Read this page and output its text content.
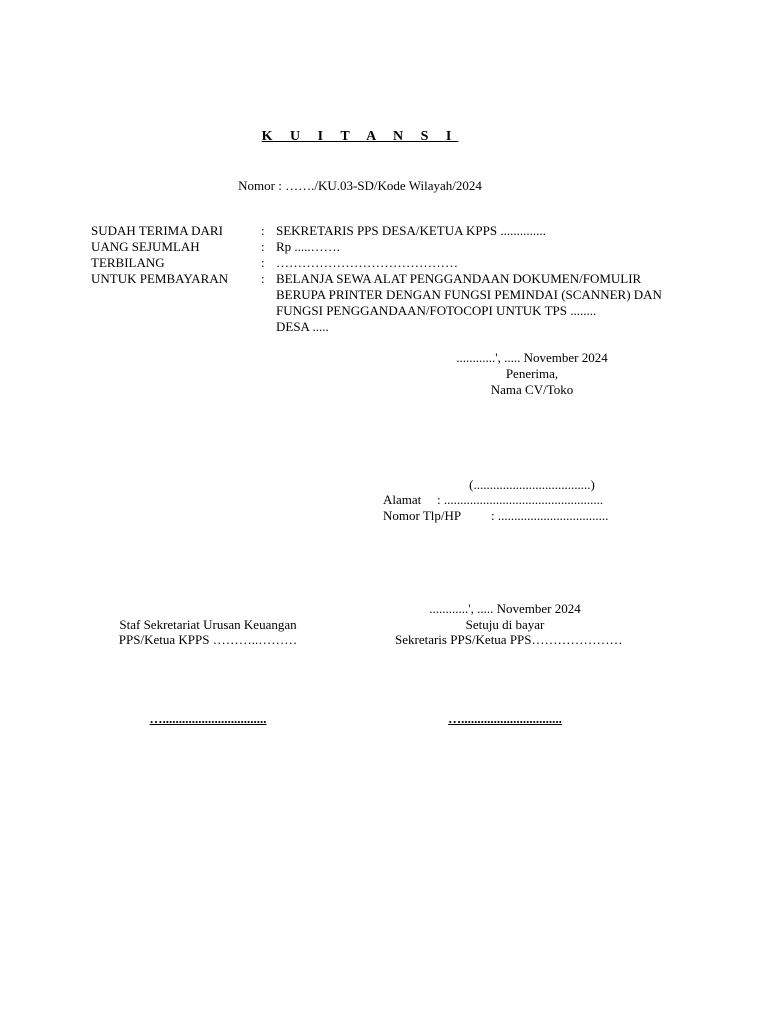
K U I T A N S I
Nomor : ……./KU.03-SD/Kode Wilayah/2024
SUDAH TERIMA DARI	: SEKRETARIS PPS DESA/KETUA KPPS ..............
UANG SEJUMLAH	: Rp .....…….
TERBILANG	: ……………………………………
UNTUK PEMBAYARAN	: BELANJA SEWA ALAT PENGGANDAAN DOKUMEN/FOMULIR
BERUPA PRINTER DENGAN FUNGSI PEMINDAI (SCANNER) DAN
FUNGSI PENGGANDAAN/FOTOCOPI UNTUK TPS ........
DESA .....
............', ..... November 2024
Penerima,
Nama CV/Toko
(....................................)
Alamat : .................................................
Nomor Tlp/HP : ..................................
Staf Sekretariat Urusan Keuangan
PPS/Ketua KPPS ………..………
…................................
............', ..... November 2024
Setuju di bayar
Sekretaris PPS/Ketua PPS…………………
…...............................
